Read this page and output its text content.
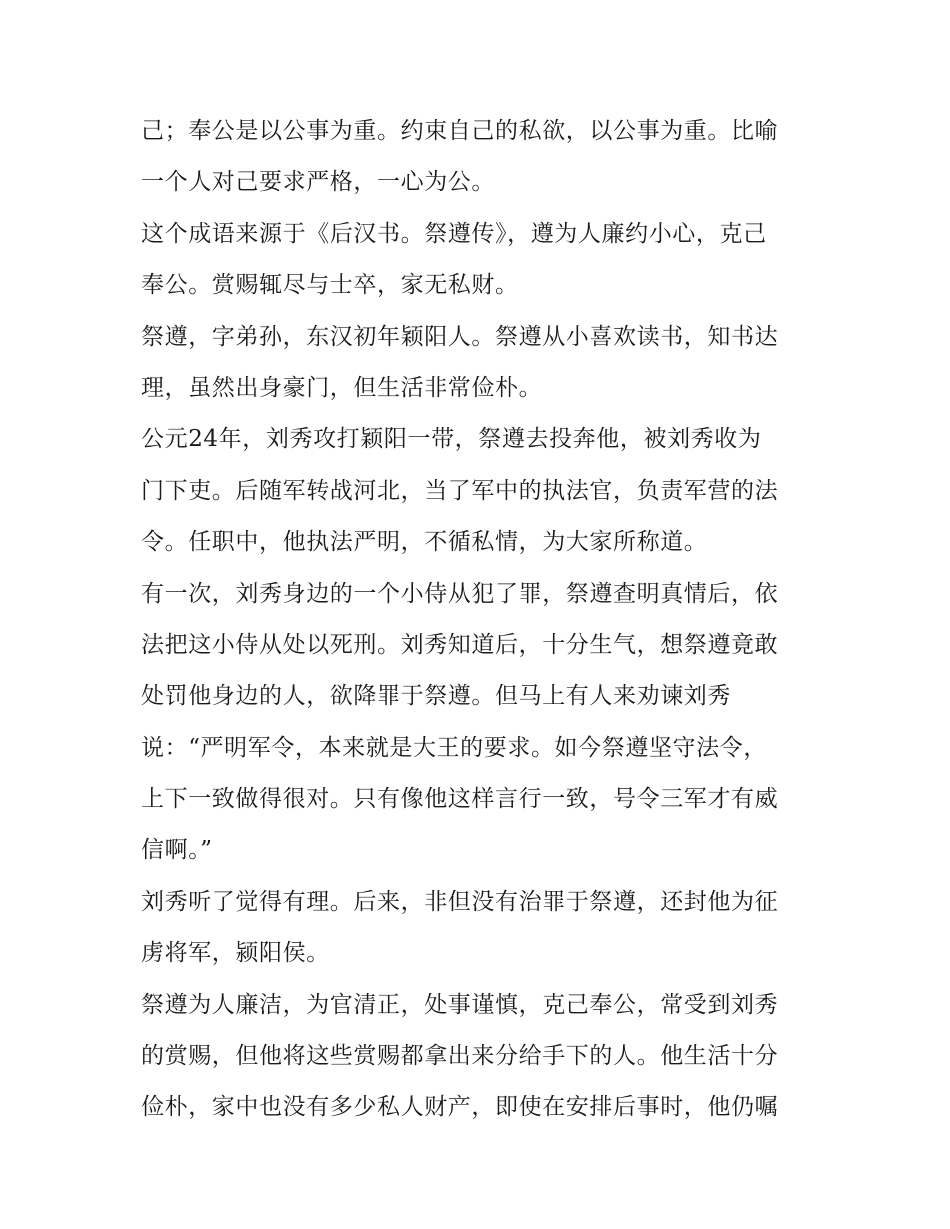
己；奉公是以公事为重。约束自己的私欲，以公事为重。比喻
一个人对己要求严格，一心为公。
这个成语来源于《后汉书。祭遵传》，遵为人廉约小心，克己
奉公。赏赐辄尽与士卒，家无私财。
祭遵，字弟孙，东汉初年颖阳人。祭遵从小喜欢读书，知书达
理，虽然出身豪门，但生活非常俭朴。
公元24年，刘秀攻打颖阳一带，祭遵去投奔他，被刘秀收为
门下吏。后随军转战河北，当了军中的执法官，负责军营的法
令。任职中，他执法严明，不循私情，为大家所称道。
有一次，刘秀身边的一个小侍从犯了罪，祭遵查明真情后，依
法把这小侍从处以死刑。刘秀知道后，十分生气，想祭遵竟敢
处罚他身边的人，欲降罪于祭遵。但马上有人来劝谏刘秀
说：“严明军令，本来就是大王的要求。如今祭遵坚守法令，
上下一致做得很对。只有像他这样言行一致，号令三军才有威
信啊。”
刘秀听了觉得有理。后来，非但没有治罪于祭遵，还封他为征
虏将军，颍阳侯。
祭遵为人廉洁，为官清正，处事谨慎，克己奉公，常受到刘秀
的赏赐，但他将这些赏赐都拿出来分给手下的人。他生活十分
俭朴，家中也没有多少私人财产，即使在安排后事时，他仍嘱
